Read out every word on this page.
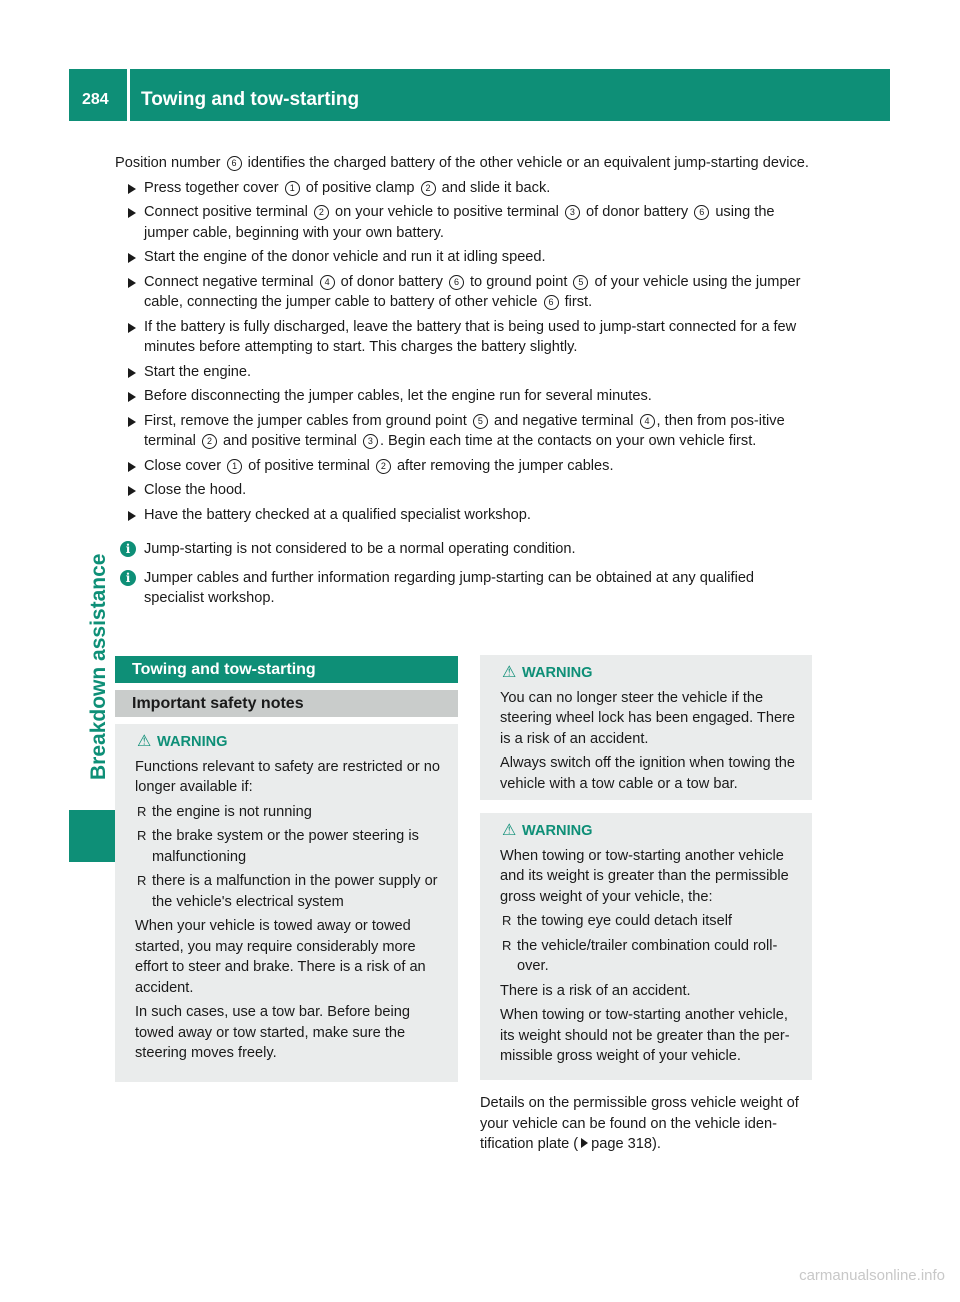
284	Towing and tow-starting
Breakdown assistance

Position number 6 identifies the charged battery of the other vehicle or an equivalent jump-starting device.

Press together cover 1 of positive clamp 2 and slide it back.
Connect positive terminal 2 on your vehicle to positive terminal 3 of donor battery 6 using the jumper cable, beginning with your own battery.
Start the engine of the donor vehicle and run it at idling speed.
Connect negative terminal 4 of donor battery 6 to ground point 5 of your vehicle using the jumper cable, connecting the jumper cable to battery of other vehicle 6 first.
If the battery is fully discharged, leave the battery that is being used to jump-start connected for a few minutes before attempting to start. This charges the battery slightly.
Start the engine.
Before disconnecting the jumper cables, let the engine run for several minutes.
First, remove the jumper cables from ground point 5 and negative terminal 4 , then from pos-itive terminal 2 and positive terminal 3 . Begin each time at the contacts on your own vehicle first.
Close cover 1 of positive terminal 2 after removing the jumper cables.
Close the hood.
Have the battery checked at a qualified specialist workshop.
i Jump-starting is not considered to be a normal operating condition.
i Jumper cables and further information regarding jump-starting can be obtained at any qualified specialist workshop.
Towing and tow-starting
Important safety notes
⚠ WARNING

Functions relevant to safety are restricted or no longer available if:

R the engine is not running
R the brake system or the power steering is malfunctioning
R there is a malfunction in the power supply or the vehicle's electrical system

When your vehicle is towed away or towed started, you may require considerably more effort to steer and brake. There is a risk of an accident.

In such cases, use a tow bar. Before being towed away or tow started, make sure the steering moves freely.

⚠ WARNING

You can no longer steer the vehicle if the steering wheel lock has been engaged. There is a risk of an accident.

Always switch off the ignition when towing the vehicle with a tow cable or a tow bar.

⚠ WARNING

When towing or tow-starting another vehicle and its weight is greater than the permissible gross weight of your vehicle, the:

R the towing eye could detach itself
R the vehicle/trailer combination could roll-over.

There is a risk of an accident.

When towing or tow-starting another vehicle, its weight should not be greater than the per-missible gross weight of your vehicle.

Details on the permissible gross vehicle weight of your vehicle can be found on the vehicle iden-tification plate ( page 318).
carmanualsonline.info
